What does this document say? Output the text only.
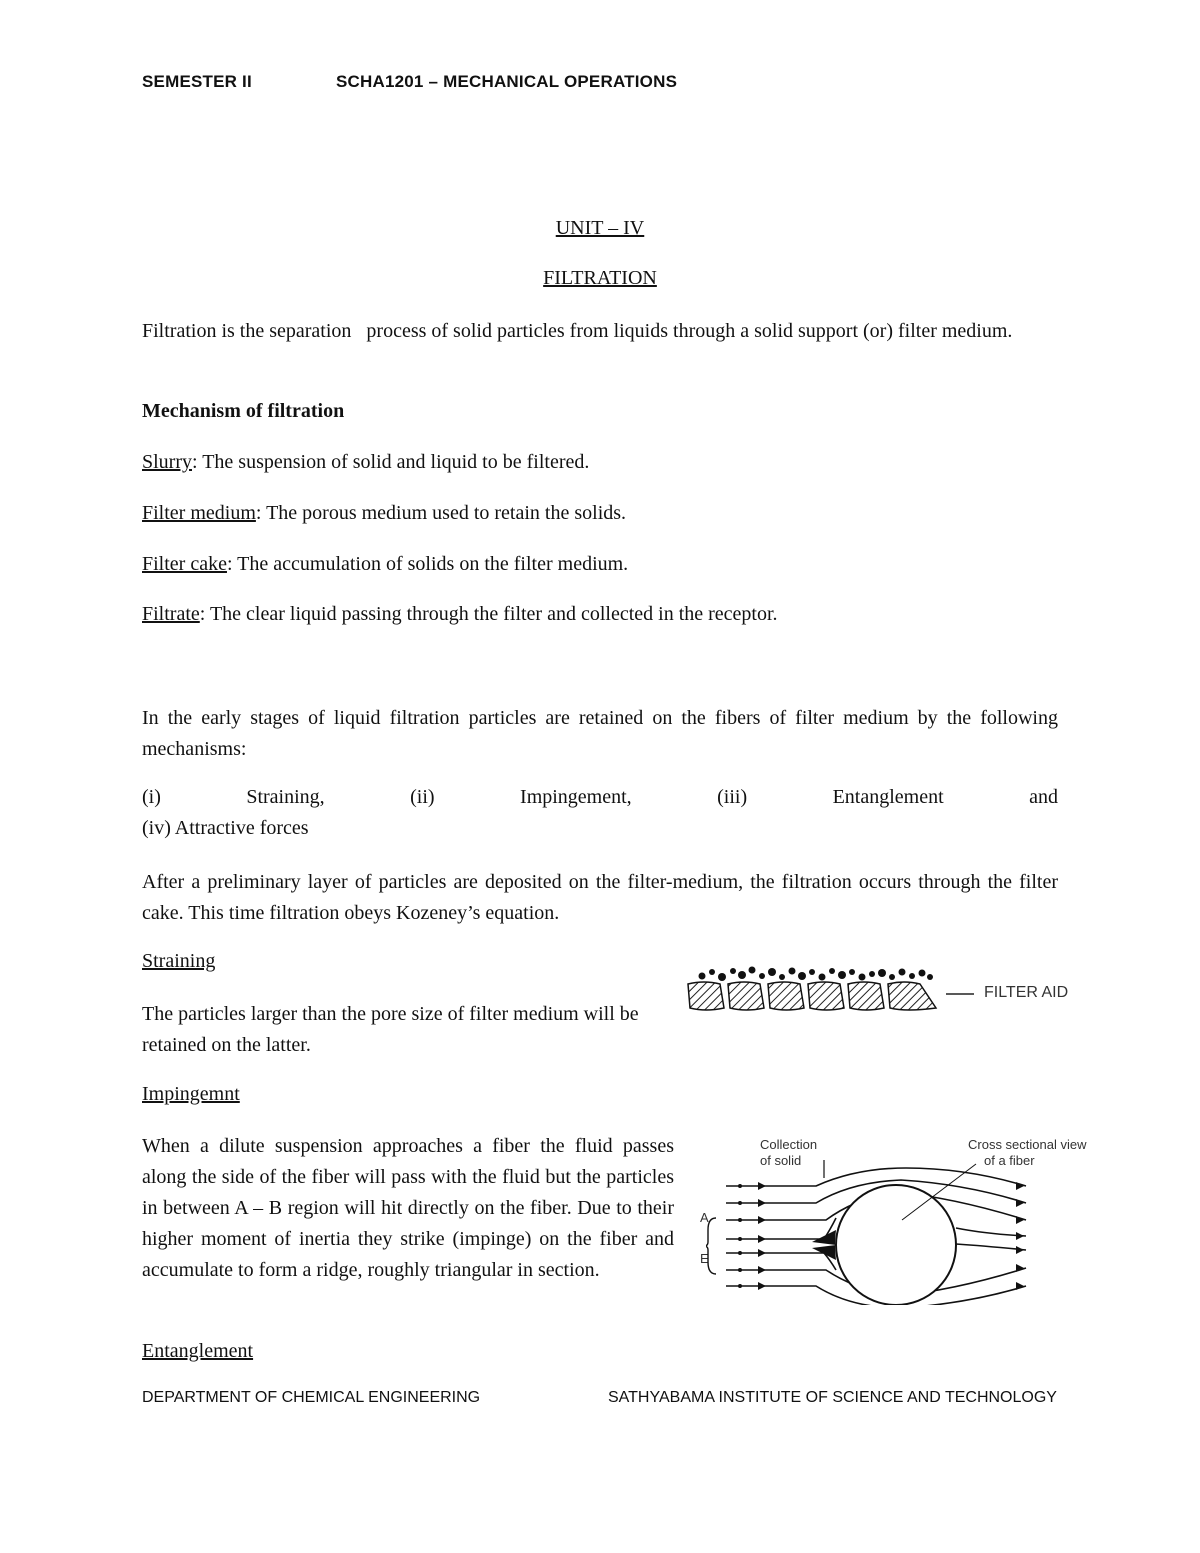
SEMESTER II	SCHA1201 – MECHANICAL OPERATIONS
UNIT – IV
FILTRATION
Filtration is the separation   process of solid particles from liquids through a solid support (or) filter medium.
Mechanism of filtration
Slurry: The suspension of solid and liquid to be filtered.
Filter medium: The porous medium used to retain the solids.
Filter cake: The accumulation of solids on the filter medium.
Filtrate: The clear liquid passing through the filter and collected in the receptor.
In the early stages of liquid filtration particles are retained on the fibers of filter medium by the following mechanisms:
(i)	Straining,	(ii)	Impingement,	(iii)	Entanglement	and
(iv) Attractive forces
After a preliminary layer of particles are deposited on the filter-medium, the filtration occurs through the filter cake. This time filtration obeys Kozeney’s equation.
Straining
The particles larger than the pore size of filter medium will be retained on the latter.
FILTER AID
Impingemnt
When a dilute suspension approaches a fiber the fluid passes along the side of the fiber will pass with the fluid but the particles in between A – B region will hit directly on the fiber. Due to their higher moment of inertia they strike (impinge) on the fiber and accumulate to form a ridge, roughly triangular in section.
Collection
of solid
Cross sectional view
of a fiber
A
E
Entanglement
DEPARTMENT OF CHEMICAL ENGINEERING	SATHYABAMA INSTITUTE OF SCIENCE AND TECHNOLOGY
